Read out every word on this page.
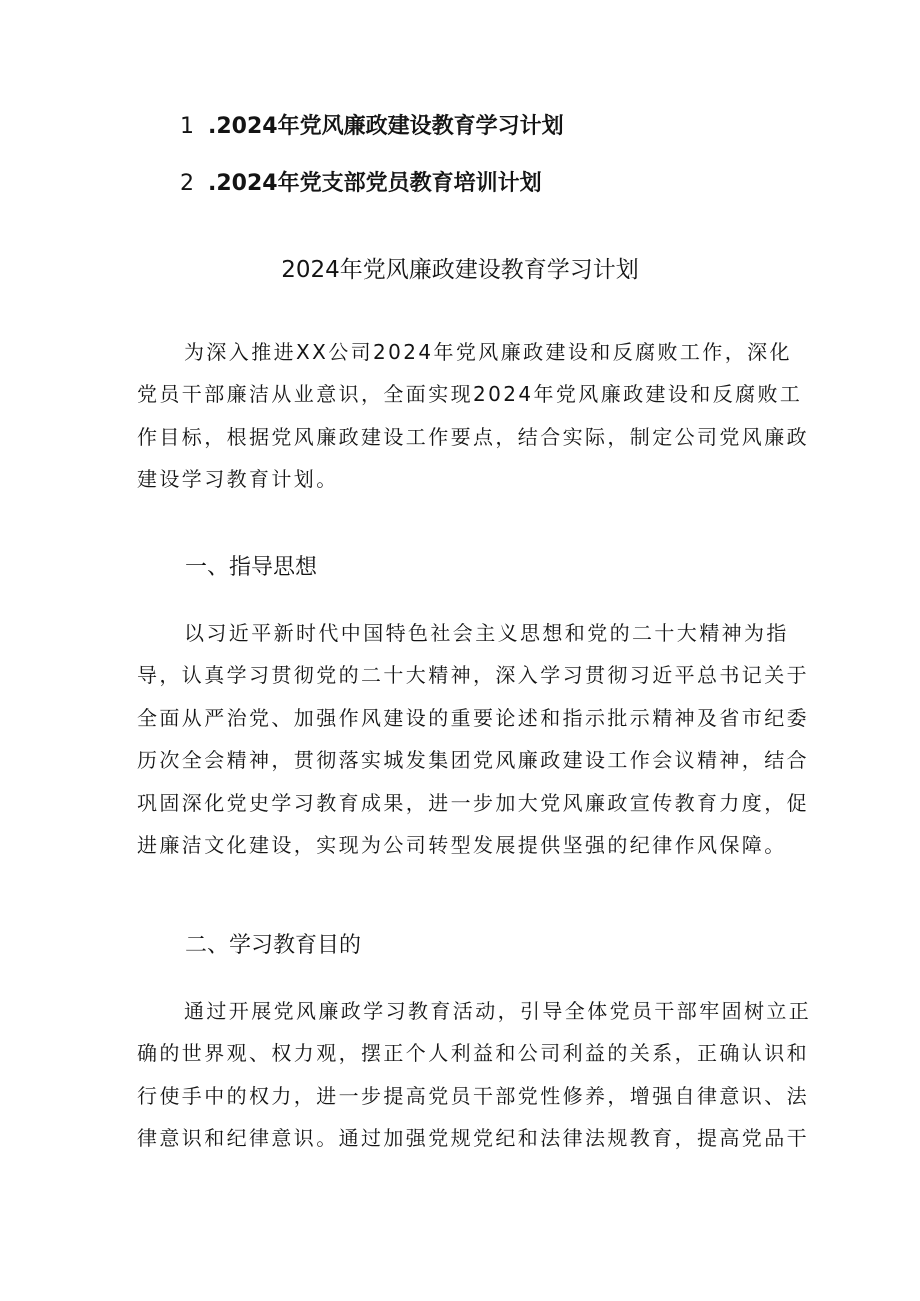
1 .2024年党风廉政建设教育学习计划
2 .2024年党支部党员教育培训计划
2024年党风廉政建设教育学习计划
为深入推进XX公司2024年党风廉政建设和反腐败工作，深化
党员干部廉洁从业意识，全面实现2024年党风廉政建设和反腐败工
作目标，根据党风廉政建设工作要点，结合实际，制定公司党风廉政
建设学习教育计划。
一、指导思想
以习近平新时代中国特色社会主义思想和党的二十大精神为指
导，认真学习贯彻党的二十大精神，深入学习贯彻习近平总书记关于
全面从严治党、加强作风建设的重要论述和指示批示精神及省市纪委
历次全会精神，贯彻落实城发集团党风廉政建设工作会议精神，结合
巩固深化党史学习教育成果，进一步加大党风廉政宣传教育力度，促
进廉洁文化建设，实现为公司转型发展提供坚强的纪律作风保障。
二、学习教育目的
通过开展党风廉政学习教育活动，引导全体党员干部牢固树立正
确的世界观、权力观，摆正个人利益和公司利益的关系，正确认识和
行使手中的权力，进一步提高党员干部党性修养，增强自律意识、法
律意识和纪律意识。通过加强党规党纪和法律法规教育，提高党品干
